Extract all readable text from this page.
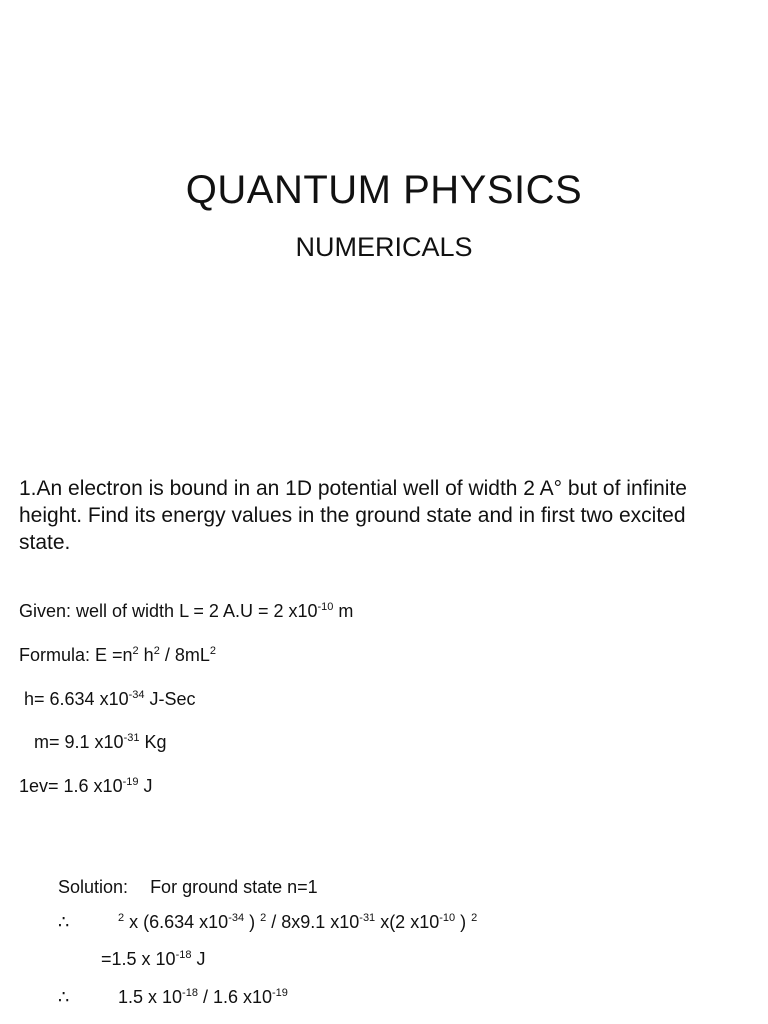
QUANTUM PHYSICS
NUMERICALS

1.An electron is bound in an 1D potential well of width 2 A° but of infinite height. Find its energy values in the ground state and in first two excited state.

Given: well of width L = 2 A.U = 2 $x10^{-10}$ m

Formula: $E =n^2$ $h^2 / 8mL^2$

h= 6.634 $x10^{-34}$ J-Sec

m= 9.1 $x10^{-31}$ Kg

1ev= 1.6 $x10^{-19}$ J

Solution: For ground state n=1

∴	$^2$ x (6.634 $x10^{-34}$ ) $^2$ / 8x9.1 $x10^{-31}$ x(2 $x10^{-10}$ ) $^2$

=1.5 x $10^{-18}$ J

∴	1.5 x $10^{-18} / 1.6$ $x10^{-19}$
